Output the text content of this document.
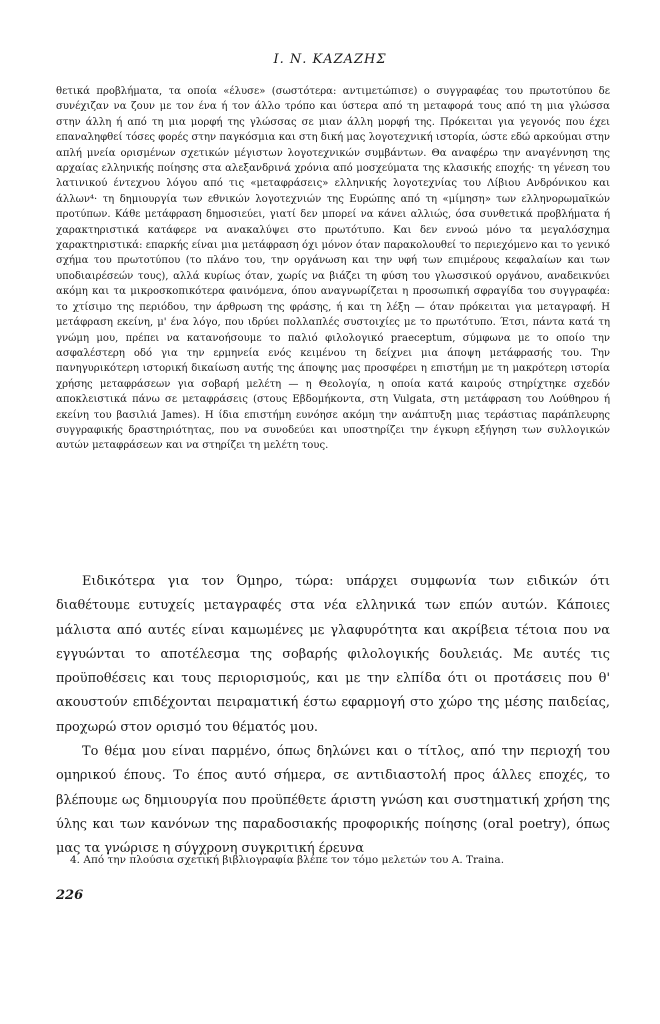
Ι. Ν. ΚΑΖΑΖΗΣ

θετικά προβλήματα, τα οποία «έλυσε» (σωστότερα: αντιμετώπισε) ο συγγραφέας του πρωτοτύπου δε συνέχιζαν να ζουν με τον ένα ή τον άλλο τρόπο και ύστερα από τη μεταφορά τους από τη μια γλώσσα στην άλλη ή από τη μια μορφή της γλώσσας σε μιαν άλλη μορφή της. Πρόκειται για γεγονός που έχει επαναληφθεί τόσες φορές στην παγκόσμια και στη δική μας λογοτεχνική ιστορία, ώστε εδώ αρκούμαι στην απλή μνεία ορισμένων σχετικών μέγιστων λογοτεχνικών συμβάντων. Θα αναφέρω την αναγέννηση της αρχαίας ελληνικής ποίησης στα αλεξανδρινά χρόνια από μοσχεύματα της κλασικής εποχής· τη γένεση του λατινικού έντεχνου λόγου από τις «μεταφράσεις» ελληνικής λογοτεχνίας του Λίβιου Ανδρόνικου και άλλων⁴· τη δημιουργία των εθνικών λογοτεχνιών της Ευρώπης από τη «μίμηση» των ελληνορωμαϊκών προτύπων. Κάθε μετάφραση δημοσιεύει, γιατί δεν μπορεί να κάνει αλλιώς, όσα συνθετικά προβλήματα ή χαρακτηριστικά κατάφερε να ανακαλύψει στο πρωτότυπο. Και δεν εννοώ μόνο τα μεγαλόσχημα χαρακτηριστικά: επαρκής είναι μια μετάφραση όχι μόνον όταν παρακολουθεί το περιεχόμενο και το γενικό σχήμα του πρωτοτύπου (το πλάνο του, την οργάνωση και την υφή των επιμέρους κεφαλαίων και των υποδιαιρέσεών τους), αλλά κυρίως όταν, χωρίς να βιάζει τη φύση του γλωσσικού οργάνου, αναδεικνύει ακόμη και τα μικροσκοπικότερα φαινόμενα, όπου αναγνωρίζεται η προσωπική σφραγίδα του συγγραφέα: το χτίσιμο της περιόδου, την άρθρωση της φράσης, ή και τη λέξη — όταν πρόκειται για μεταγραφή. Η μετάφραση εκείνη, μ' ένα λόγο, που ιδρύει πολλαπλές συστοιχίες με το πρωτότυπο. Έτσι, πάντα κατά τη γνώμη μου, πρέπει να κατανοήσουμε το παλιό φιλολογικό praeceptum, σύμφωνα με το οποίο την ασφαλέστερη οδό για την ερμηνεία ενός κειμένου τη δείχνει μια άποψη μετάφρασής του. Την πανηγυρικότερη ιστορική δικαίωση αυτής της άποψης μας προσφέρει η επιστήμη με τη μακρότερη ιστορία χρήσης μεταφράσεων για σοβαρή μελέτη — η Θεολογία, η οποία κατά καιρούς στηρίχτηκε σχεδόν αποκλειστικά πάνω σε μεταφράσεις (στους Εβδομήκοντα, στη Vulgata, στη μετάφραση του Λούθηρου ή εκείνη του βασιλιά James). Η ίδια επιστήμη ευνόησε ακόμη την ανάπτυξη μιας τεράστιας παράπλευρης συγγραφικής δραστηριότητας, που να συνοδεύει και υποστηρίζει την έγκυρη εξήγηση των συλλογικών αυτών μεταφράσεων και να στηρίζει τη μελέτη τους.

Ειδικότερα για τον Όμηρο, τώρα: υπάρχει συμφωνία των ειδικών ότι διαθέτουμε ευτυχείς μεταγραφές στα νέα ελληνικά των επών αυτών. Κάποιες μάλιστα από αυτές είναι καμωμένες με γλαφυρότητα και ακρίβεια τέτοια που να εγγυώνται το αποτέλεσμα της σοβαρής φιλολογικής δουλειάς. Με αυτές τις προϋποθέσεις και τους περιορισμούς, και με την ελπίδα ότι οι προτάσεις που θ' ακουστούν επιδέχονται πειραματική έστω εφαρμογή στο χώρο της μέσης παιδείας, προχωρώ στον ορισμό του θέματός μου.

Το θέμα μου είναι παρμένο, όπως δηλώνει και ο τίτλος, από την περιοχή του ομηρικού έπους. Το έπος αυτό σήμερα, σε αντιδιαστολή προς άλλες εποχές, το βλέπουμε ως δημιουργία που προϋπέθετε άριστη γνώση και συστηματική χρήση της ύλης και των κανόνων της παραδοσιακής προφορικής ποίησης (oral poetry), όπως μας τα γνώρισε η σύγχρονη συγκριτική έρευνα

4. Από την πλούσια σχετική βιβλιογραφία βλέπε τον τόμο μελετών του A. Traina.
226
